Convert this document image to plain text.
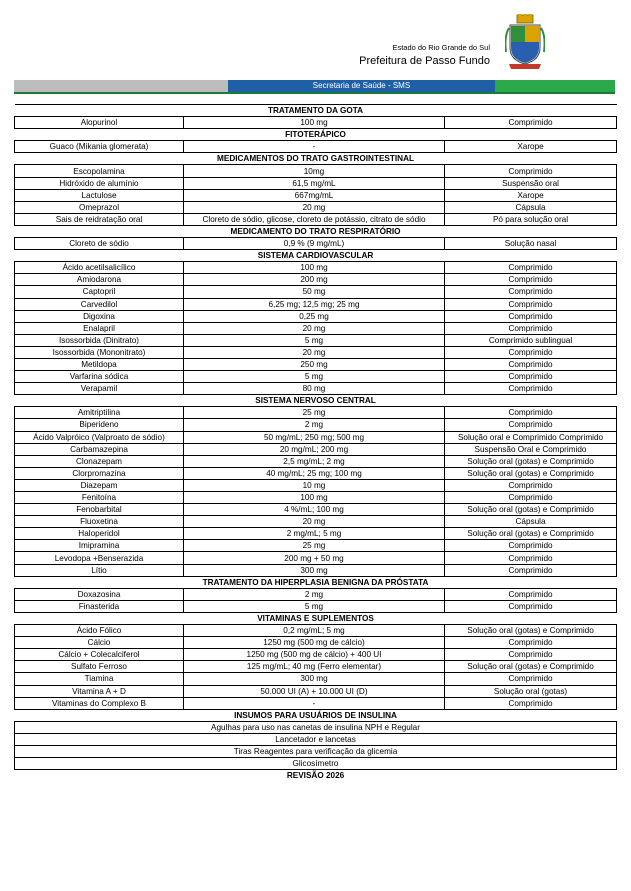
Estado do Rio Grande do Sul
Prefeitura de Passo Fundo
Secretaria de Saúde - SMS
TRATAMENTO DA GOTA		
Alopurinol	100 mg	Comprimido
FITOTERÁPICO		
Guaco (Mikania glomerata)	-	Xarope
MEDICAMENTOS DO TRATO GASTROINTESTINAL		
Escopolamina	10mg	Comprimido
Hidróxido de alumínio	61,5 mg/mL	Suspensão oral
Lactulose	667mg/mL	Xarope
Omeprazol	20 mg	Cápsula
Sais de reidratação oral	Cloreto de sódio, glicose, cloreto de potássio, citrato de sódio	Pó para solução oral
MEDICAMENTO DO TRATO RESPIRATÓRIO		
Cloreto de sódio	0,9 % (9 mg/mL)	Solução nasal
SISTEMA CARDIOVASCULAR		
Ácido acetilsalicílico	100 mg	Comprimido
Amiodarona	200 mg	Comprimido
Captopril	50 mg	Comprimido
Carvedilol	6,25 mg; 12,5 mg; 25 mg	Comprimido
Digoxina	0,25 mg	Comprimido
Enalapril	20 mg	Comprimido
Isossorbida (Dinitrato)	5 mg	Comprimido sublingual
Isossorbida (Mononitrato)	20 mg	Comprimido
Metildopa	250 mg	Comprimido
Varfarina sódica	5 mg	Comprimido
Verapamil	80 mg	Comprimido
SISTEMA NERVOSO CENTRAL		
Amitriptilina	25 mg	Comprimido
Biperideno	2 mg	Comprimido
Ácido Valpróico (Valproato de sódio)	50 mg/mL; 250 mg; 500 mg	Solução oral e Comprimido Comprimido
Carbamazepina	20 mg/mL; 200 mg	Suspensão Oral e Comprimido
Clonazepam	2,5 mg/mL; 2 mg	Solução oral (gotas) e Comprimido
Clorpromazina	40 mg/mL; 25 mg; 100 mg	Solução oral (gotas) e Comprimido
Diazepam	10 mg	Comprimido
Fenitoína	100 mg	Comprimido
Fenobarbital	4 %/mL; 100 mg	Solução oral (gotas) e Comprimido
Fluoxetina	20 mg	Cápsula
Haloperidol	2 mg/mL; 5 mg	Solução oral (gotas) e Comprimido
Imipramina	25 mg	Comprimido
Levodopa +Benserazida	200 mg + 50 mg	Comprimido
Lítio	300 mg	Comprimido
TRATAMENTO DA HIPERPLASIA BENIGNA DA PRÓSTATA		
Doxazosina	2 mg	Comprimido
Finasterida	5 mg	Comprimido
VITAMINAS E SUPLEMENTOS		
Ácido Fólico	0,2 mg/mL; 5 mg	Solução oral (gotas) e Comprimido
Cálcio	1250 mg (500 mg de cálcio)	Comprimido
Cálcio + Colecalciferol	1250 mg (500 mg de cálcio) + 400 UI	Comprimido
Sulfato Ferroso	125 mg/mL; 40 mg (Ferro elementar)	Solução oral (gotas) e Comprimido
Tiamina	300 mg	Comprimido
Vitamina A + D	50.000 UI (A) + 10.000 UI (D)	Solução oral (gotas)
Vitaminas do Complexo B	-	Comprimido
INSUMOS PARA USUÁRIOS DE INSULINA		
Agulhas para uso nas canetas de insulina NPH e Regular		
Lancetador e lancetas		
Tiras Reagentes para verificação da glicemia		
Glicosímetro		
REVISÃO 2026		
